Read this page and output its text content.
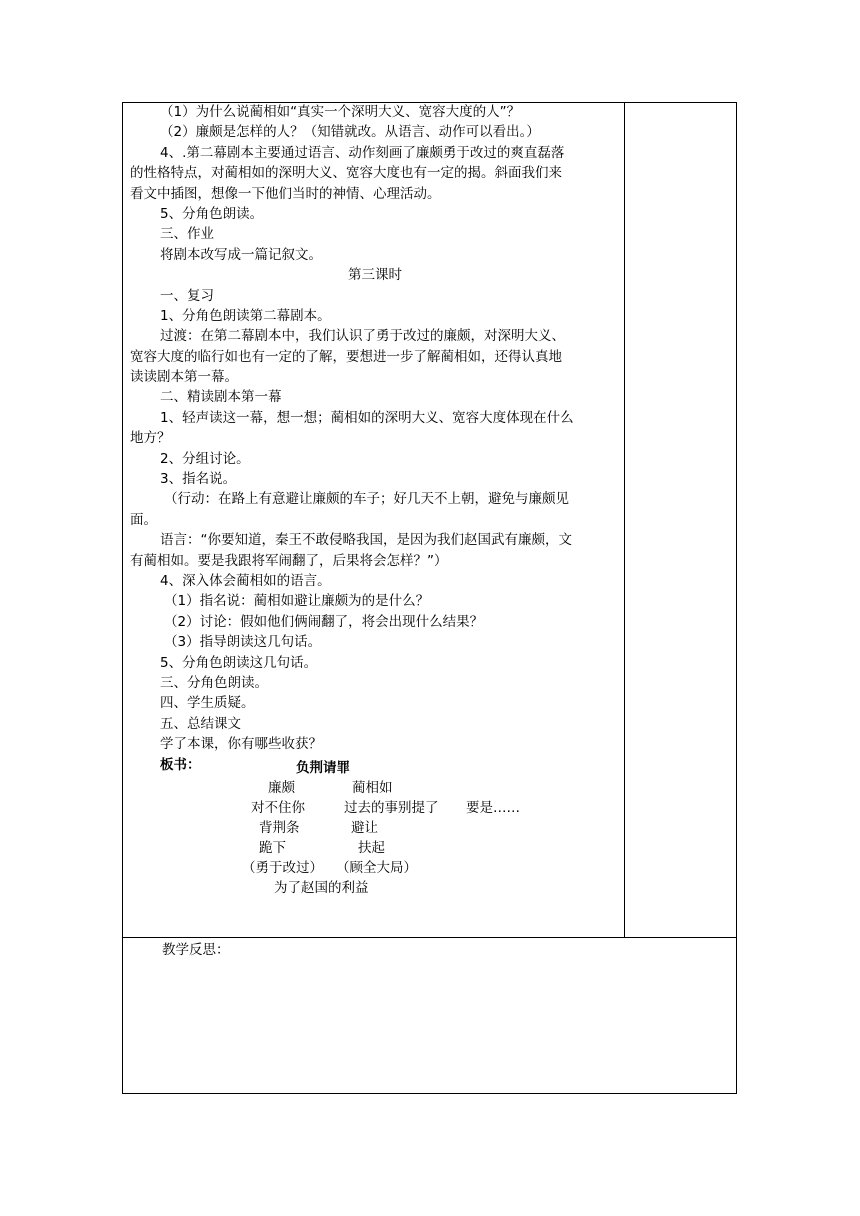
（1）为什么说蔺相如“真实一个深明大义、宽容大度的人”？
（2）廉颇是怎样的人？（知错就改。从语言、动作可以看出。）
4、.第二幕剧本主要通过语言、动作刻画了廉颇勇于改过的爽直磊落
的性格特点，对蔺相如的深明大义、宽容大度也有一定的揭。斜面我们来
看文中插图，想像一下他们当时的神情、心理活动。
5、分角色朗读。
三、作业
将剧本改写成一篇记叙文。
第三课时
一、复习
1、分角色朗读第二幕剧本。
过渡：在第二幕剧本中，我们认识了勇于改过的廉颇，对深明大义、
宽容大度的临行如也有一定的了解，要想进一步了解蔺相如，还得认真地
读读剧本第一幕。
二、精读剧本第一幕
1、轻声读这一幕，想一想；蔺相如的深明大义、宽容大度体现在什么
地方？
2、分组讨论。
3、指名说。
（行动：在路上有意避让廉颇的车子；好几天不上朝，避免与廉颇见
面。
语言：“你要知道，秦王不敢侵略我国，是因为我们赵国武有廉颇，文
有蔺相如。要是我跟将军闹翻了，后果将会怎样？”）
4、深入体会蔺相如的语言。
（1）指名说：蔺相如避让廉颇为的是什么？
（2）讨论：假如他们俩闹翻了，将会出现什么结果？
（3）指导朗读这几句话。
5、分角色朗读这几句话。
三、分角色朗读。
四、学生质疑。
五、总结课文
学了本课，你有哪些收获？
板书：	负荆请罪
廉颇	蔺相如
对不住你	过去的事别提了 要是……
背荆条	避让
跪下	扶起
（勇于改过） （顾全大局）
为了赵国的利益
教学反思：
